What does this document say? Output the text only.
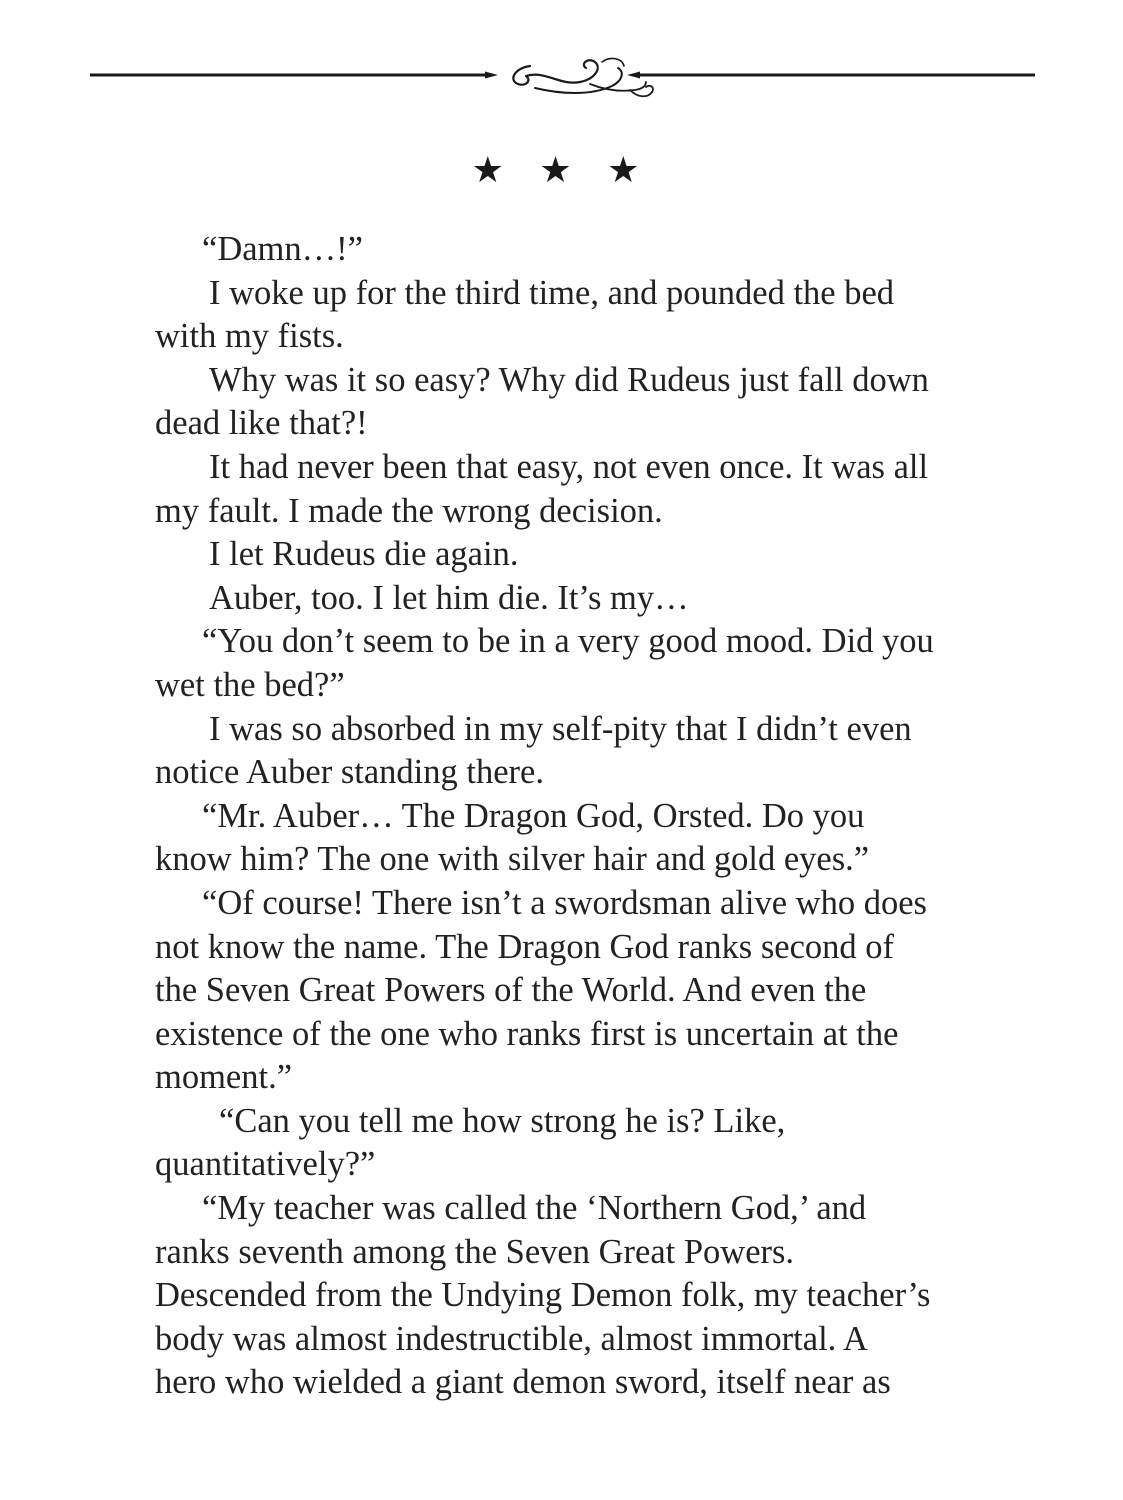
★ ★ ★
“Damn…!”
I woke up for the third time, and pounded the bed
with my fists.
Why was it so easy? Why did Rudeus just fall down
dead like that?!
It had never been that easy, not even once. It was all
my fault. I made the wrong decision.
I let Rudeus die again.
Auber, too. I let him die. It’s my…
“You don’t seem to be in a very good mood. Did you
wet the bed?”
I was so absorbed in my self-pity that I didn’t even
notice Auber standing there.
“Mr. Auber… The Dragon God, Orsted. Do you
know him? The one with silver hair and gold eyes.”
“Of course! There isn’t a swordsman alive who does
not know the name. The Dragon God ranks second of
the Seven Great Powers of the World. And even the
existence of the one who ranks first is uncertain at the
moment.”
“Can you tell me how strong he is? Like,
quantitatively?”
“My teacher was called the ‘Northern God,’ and
ranks seventh among the Seven Great Powers.
Descended from the Undying Demon folk, my teacher’s
body was almost indestructible, almost immortal. A
hero who wielded a giant demon sword, itself near as
